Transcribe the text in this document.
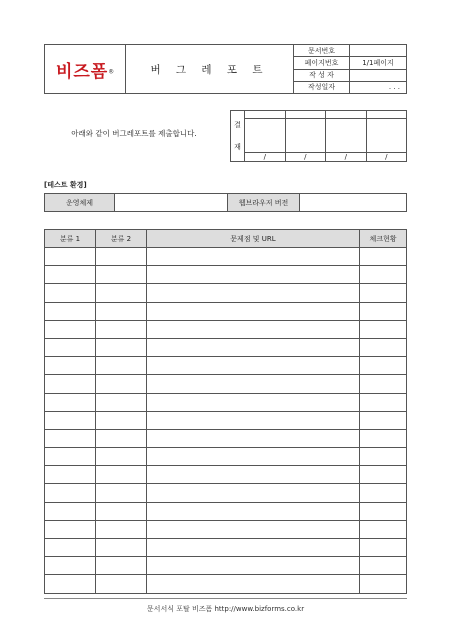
비즈폼®	버 그 레 포 트	문서번호	
		페이지번호	1/1페이지
		작 성 자	
		작성일자	. . .
아래와 같이 버그레포트를 제출합니다.
결
재				

	/	/	/	/
[테스트 환경]
운영체제		웹브라우저 버전	
분류 1	분류 2	문제점 및 URL	체크현황

문서서식 포탈 비즈폼 http://www.bizforms.co.kr
